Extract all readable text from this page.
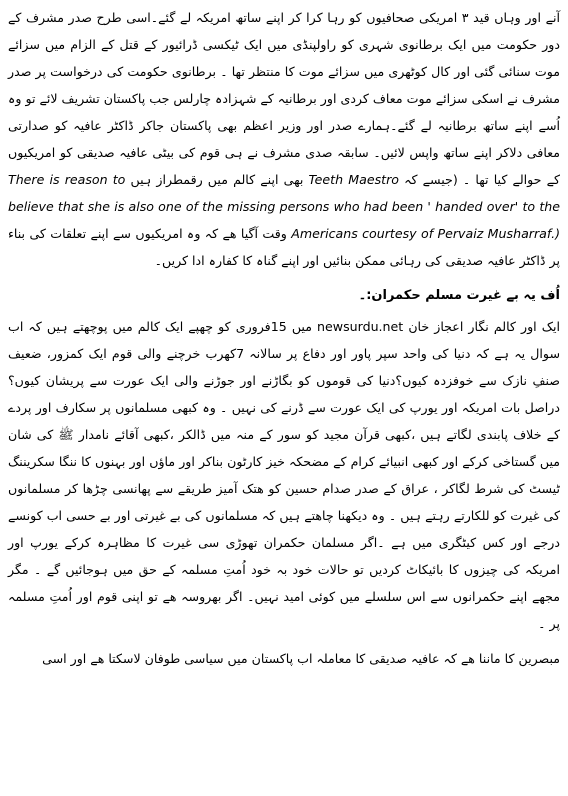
آنے اور وہاں قید ۳ امریکی صحافیوں کو رہا کرا کر اپنے ساتھ امریکہ لے گئے۔اسی طرح صدر مشرف کے دور حکومت میں ایک برطانوی شہری کو راولپنڈی میں ایک ٹیکسی ڈرائیور کے قتل کے الزام میں سزائے موت سنائی گئی اور کال کوٹھری میں سزائے موت کا منتظر تھا ۔ برطانوی حکومت کی درخواست پر صدر مشرف نے اسکی سزائے موت معاف کردی اور برطانیہ کے شہزادہ چارلس جب پاکستان تشریف لائے تو وہ اُسے اپنے ساتھ برطانیہ لے گئے۔ہمارے صدر اور وزیر اعظم بھی پاکستان جاکر ڈاکٹر عافیہ کو صدارتی معافی دلاکر اپنے ساتھ واپس لائیں۔ سابقہ صدی مشرف نے ہی قوم کی بیٹی عافیہ صدیقی کو امریکیوں کے حوالے کیا تھا ۔ (جیسے کہ Teeth Maestro بھی اپنے کالم میں رقمطراز ہیں There is reason to believe that she is also one of the missing persons who had been ' handed over' to the Americans courtesy of Pervaiz Musharraf.) وقت آگیا ھے کہ وہ امریکیوں سے اپنے تعلقات کی بناء پر ڈاکٹر عافیہ صدیقی کی رہائی ممکن بنائیں اور اپنے گناہ کا کفارہ ادا کریں۔

اُف یہ بے غیرت مسلم حکمران:۔

ایک اور کالم نگار اعجاز خان newsurdu.net میں 15فروری کو چھپے ایک کالم میں پوچھتے ہیں کہ اب سوال یہ ہے کہ دنیا کی واحد سپر پاور اور دفاع پر سالانہ 7کھرب خرچنے والی قوم ایک کمزور، ضعیف صنفِ نازک سے خوفزدہ کیوں؟دنیا کی قوموں کو بگاڑنے اور جوڑنے والی ایک عورت سے پریشان کیوں؟دراصل بات امریکہ اور یورپ کی ایک عورت سے ڈرنے کی نہیں ۔ وہ کبھی مسلمانوں پر سکارف اور پردے کے خلاف پابندی لگاتے ہیں ،کبھی قرآن مجید کو سور کے منہ میں ڈالکر ،کبھی آقائے نامدار ﷺ کی شان میں گستاخی کرکے اور کبھی انبیائے کرام کے مضحکہ خیز کارٹون بناکر اور ماؤں اور بہنوں کا ننگا سکریننگ ٹیسٹ کی شرط لگاکر ، عراق کے صدر صدام حسین کو ھتک آمیز طریقے سے پھانسی چڑھا کر مسلمانوں کی غیرت کو للکارتے رہتے ہیں ۔ وہ دیکھنا چاھتے ہیں کہ مسلمانوں کی بے غیرتی اور بے حسی اب کونسے درجے اور کس کیٹگری میں ہے ۔اگر مسلمان حکمران تھوڑی سی غیرت کا مظاہرہ کرکے یورپ اور امریکہ کی چیزوں کا بائیکاٹ کردیں تو حالات خود بہ خود اُمتِ مسلمہ کے حق میں ہوجائیں گے ۔ مگر مجھے اپنے حکمرانوں سے اس سلسلے میں کوئی امید نہیں۔ اگر بھروسہ ھے تو اپنی قوم اور اُمتِ مسلمہ پر ۔

مبصرین کا ماننا ھے کہ عافیہ صدیقی کا معاملہ اب پاکستان میں سیاسی طوفان لاسکتا ھے اور اسی
